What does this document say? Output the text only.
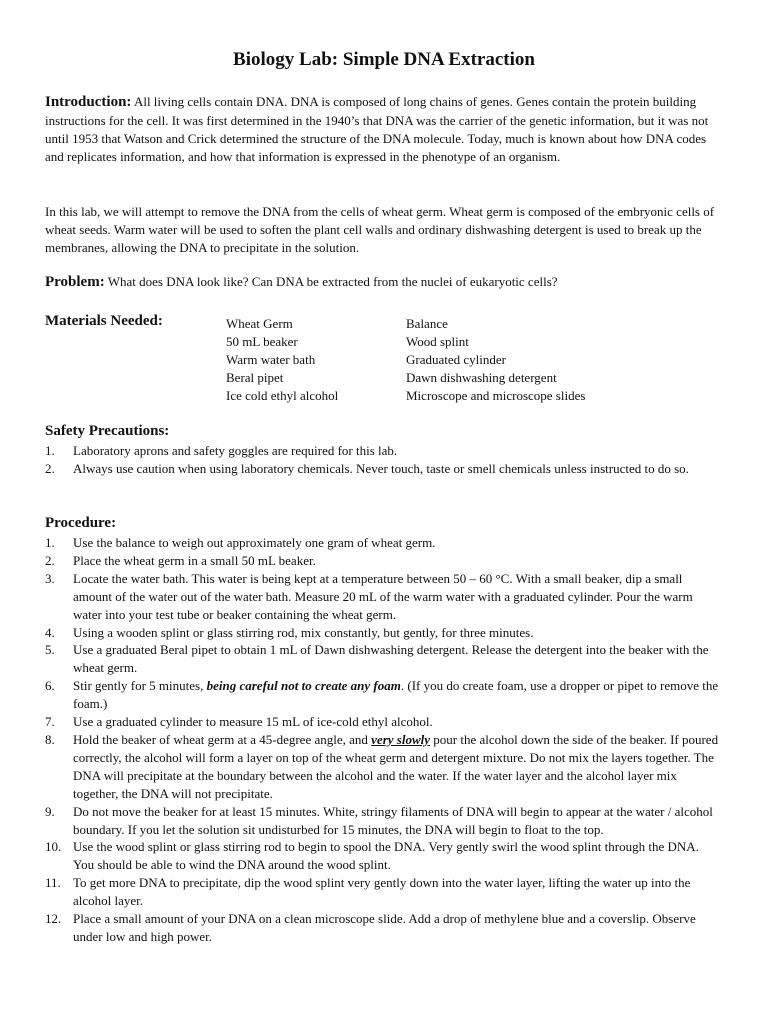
Biology Lab: Simple DNA Extraction

Introduction: All living cells contain DNA. DNA is composed of long chains of genes. Genes contain the protein building instructions for the cell. It was first determined in the 1940’s that DNA was the carrier of the genetic information, but it was not until 1953 that Watson and Crick determined the structure of the DNA molecule. Today, much is known about how DNA codes and replicates information, and how that information is expressed in the phenotype of an organism.

In this lab, we will attempt to remove the DNA from the cells of wheat germ. Wheat germ is composed of the embryonic cells of wheat seeds. Warm water will be used to soften the plant cell walls and ordinary dishwashing detergent is used to break up the membranes, allowing the DNA to precipitate in the solution.

Problem: What does DNA look like? Can DNA be extracted from the nuclei of eukaryotic cells?

Materials Needed:	Wheat Germ
50 mL beaker
Warm water bath
Beral pipet
Ice cold ethyl alcohol
Balance
Wood splint
Graduated cylinder
Dawn dishwashing detergent
Microscope and microscope slides

Safety Precautions:

1. Laboratory aprons and safety goggles are required for this lab.
2. Always use caution when using laboratory chemicals. Never touch, taste or smell chemicals unless instructed to do so.

Procedure:

1. Use the balance to weigh out approximately one gram of wheat germ.
2. Place the wheat germ in a small 50 mL beaker.
3. Locate the water bath. This water is being kept at a temperature between 50 – 60 °C. With a small beaker, dip a small amount of the water out of the water bath. Measure 20 mL of the warm water with a graduated cylinder. Pour the warm water into your test tube or beaker containing the wheat germ.
4. Using a wooden splint or glass stirring rod, mix constantly, but gently, for three minutes.
5. Use a graduated Beral pipet to obtain 1 mL of Dawn dishwashing detergent. Release the detergent into the beaker with the wheat germ.
6. Stir gently for 5 minutes, being careful not to create any foam. (If you do create foam, use a dropper or pipet to remove the foam.)
7. Use a graduated cylinder to measure 15 mL of ice-cold ethyl alcohol.
8. Hold the beaker of wheat germ at a 45-degree angle, and very slowly pour the alcohol down the side of the beaker. If poured correctly, the alcohol will form a layer on top of the wheat germ and detergent mixture. Do not mix the layers together. The DNA will precipitate at the boundary between the alcohol and the water. If the water layer and the alcohol layer mix together, the DNA will not precipitate.
9. Do not move the beaker for at least 15 minutes. White, stringy filaments of DNA will begin to appear at the water / alcohol boundary. If you let the solution sit undisturbed for 15 minutes, the DNA will begin to float to the top.
10. Use the wood splint or glass stirring rod to begin to spool the DNA. Very gently swirl the wood splint through the DNA. You should be able to wind the DNA around the wood splint.
11. To get more DNA to precipitate, dip the wood splint very gently down into the water layer, lifting the water up into the alcohol layer.
12. Place a small amount of your DNA on a clean microscope slide. Add a drop of methylene blue and a coverslip. Observe under low and high power.
